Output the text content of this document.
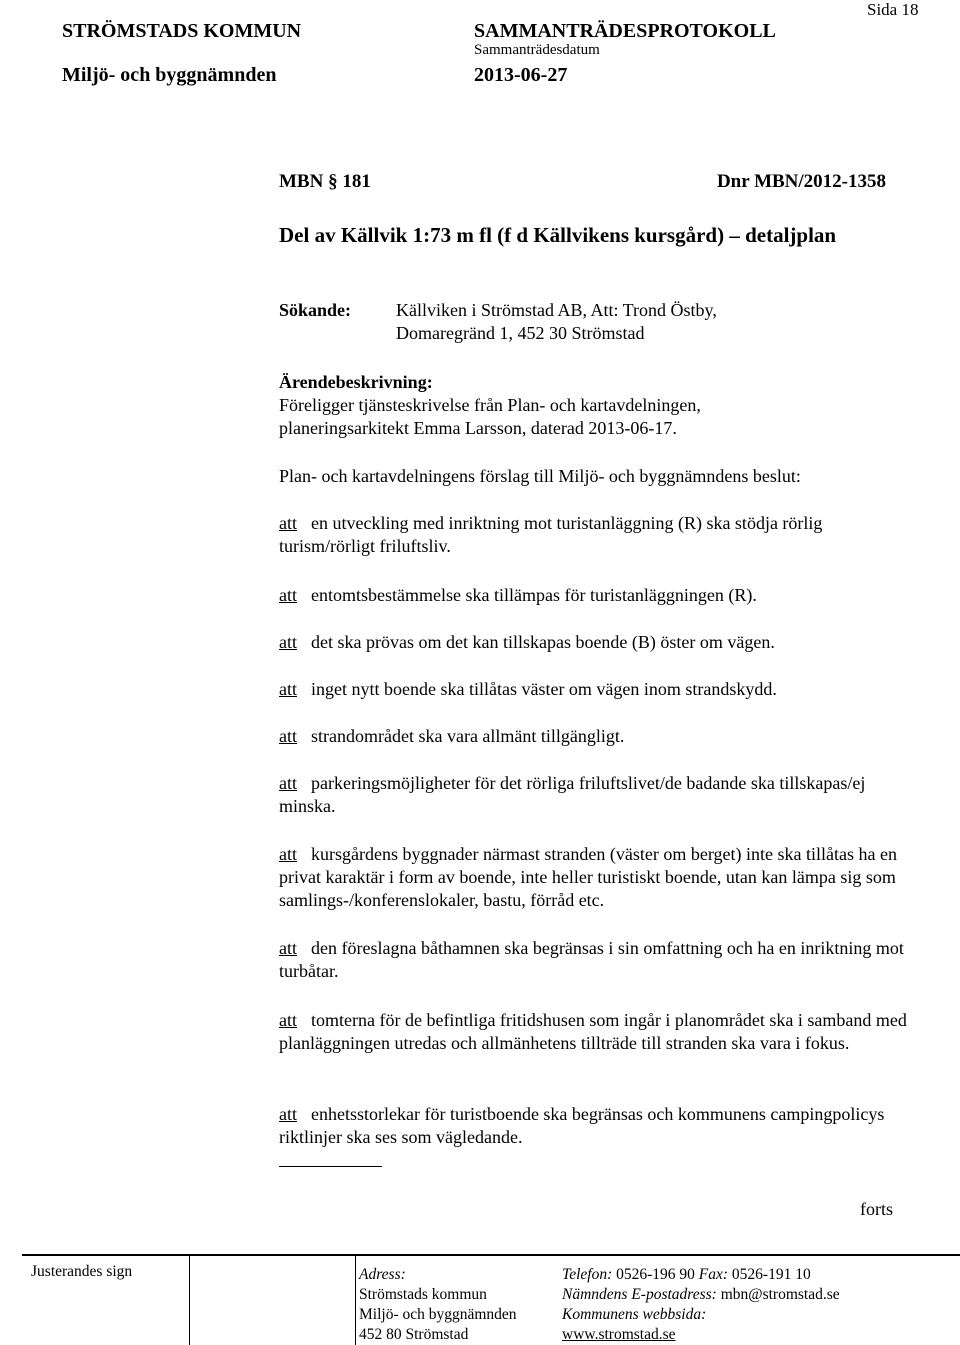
STRÖMSTADS KOMMUN
Miljö- och byggnämnden
SAMMANTRÄDESPROTOKOLL
Sammanträdesdatum
2013-06-27
Sida 18
MBN § 181	Dnr MBN/2012-1358
Del av Källvik 1:73 m fl (f d Källvikens kursgård) – detaljplan
Sökande: Källviken i Strömstad AB, Att: Trond Östby,
Domaregränd 1, 452 30 Strömstad
Ärendebeskrivning:
Föreligger tjänsteskrivelse från Plan- och kartavdelningen,
planeringsarkitekt Emma Larsson, daterad 2013-06-17.
Plan- och kartavdelningens förslag till Miljö- och byggnämndens beslut:
att en utveckling med inriktning mot turistanläggning (R) ska stödja rörlig turism/rörligt friluftsliv.
att entomtsbestämmelse ska tillämpas för turistanläggningen (R).
att det ska prövas om det kan tillskapas boende (B) öster om vägen.
att inget nytt boende ska tillåtas väster om vägen inom strandskydd.
att strandområdet ska vara allmänt tillgängligt.
att parkeringsmöjligheter för det rörliga friluftslivet/de badande ska tillskapas/ej minska.
att kursgårdens byggnader närmast stranden (väster om berget) inte ska tillåtas ha en privat karaktär i form av boende, inte heller turistiskt boende, utan kan lämpa sig som samlings-/konferenslokaler, bastu, förråd etc.
att den föreslagna båthamnen ska begränsas i sin omfattning och ha en inriktning mot turbåtar.
att tomterna för de befintliga fritidshusen som ingår i planområdet ska i samband med planläggningen utredas och allmänhetens tillträde till stranden ska vara i fokus.
att enhetsstorlekar för turistboende ska begränsas och kommunens campingpolicys riktlinjer ska ses som vägledande.
forts
Justerandes sign	Adress:
Strömstads kommun
Miljö- och byggnämnden
452 80 Strömstad
Telefon: 0526-196 90 Fax: 0526-191 10
Nämndens E-postadress: mbn@stromstad.se
Kommunens webbsida:
www.stromstad.se
